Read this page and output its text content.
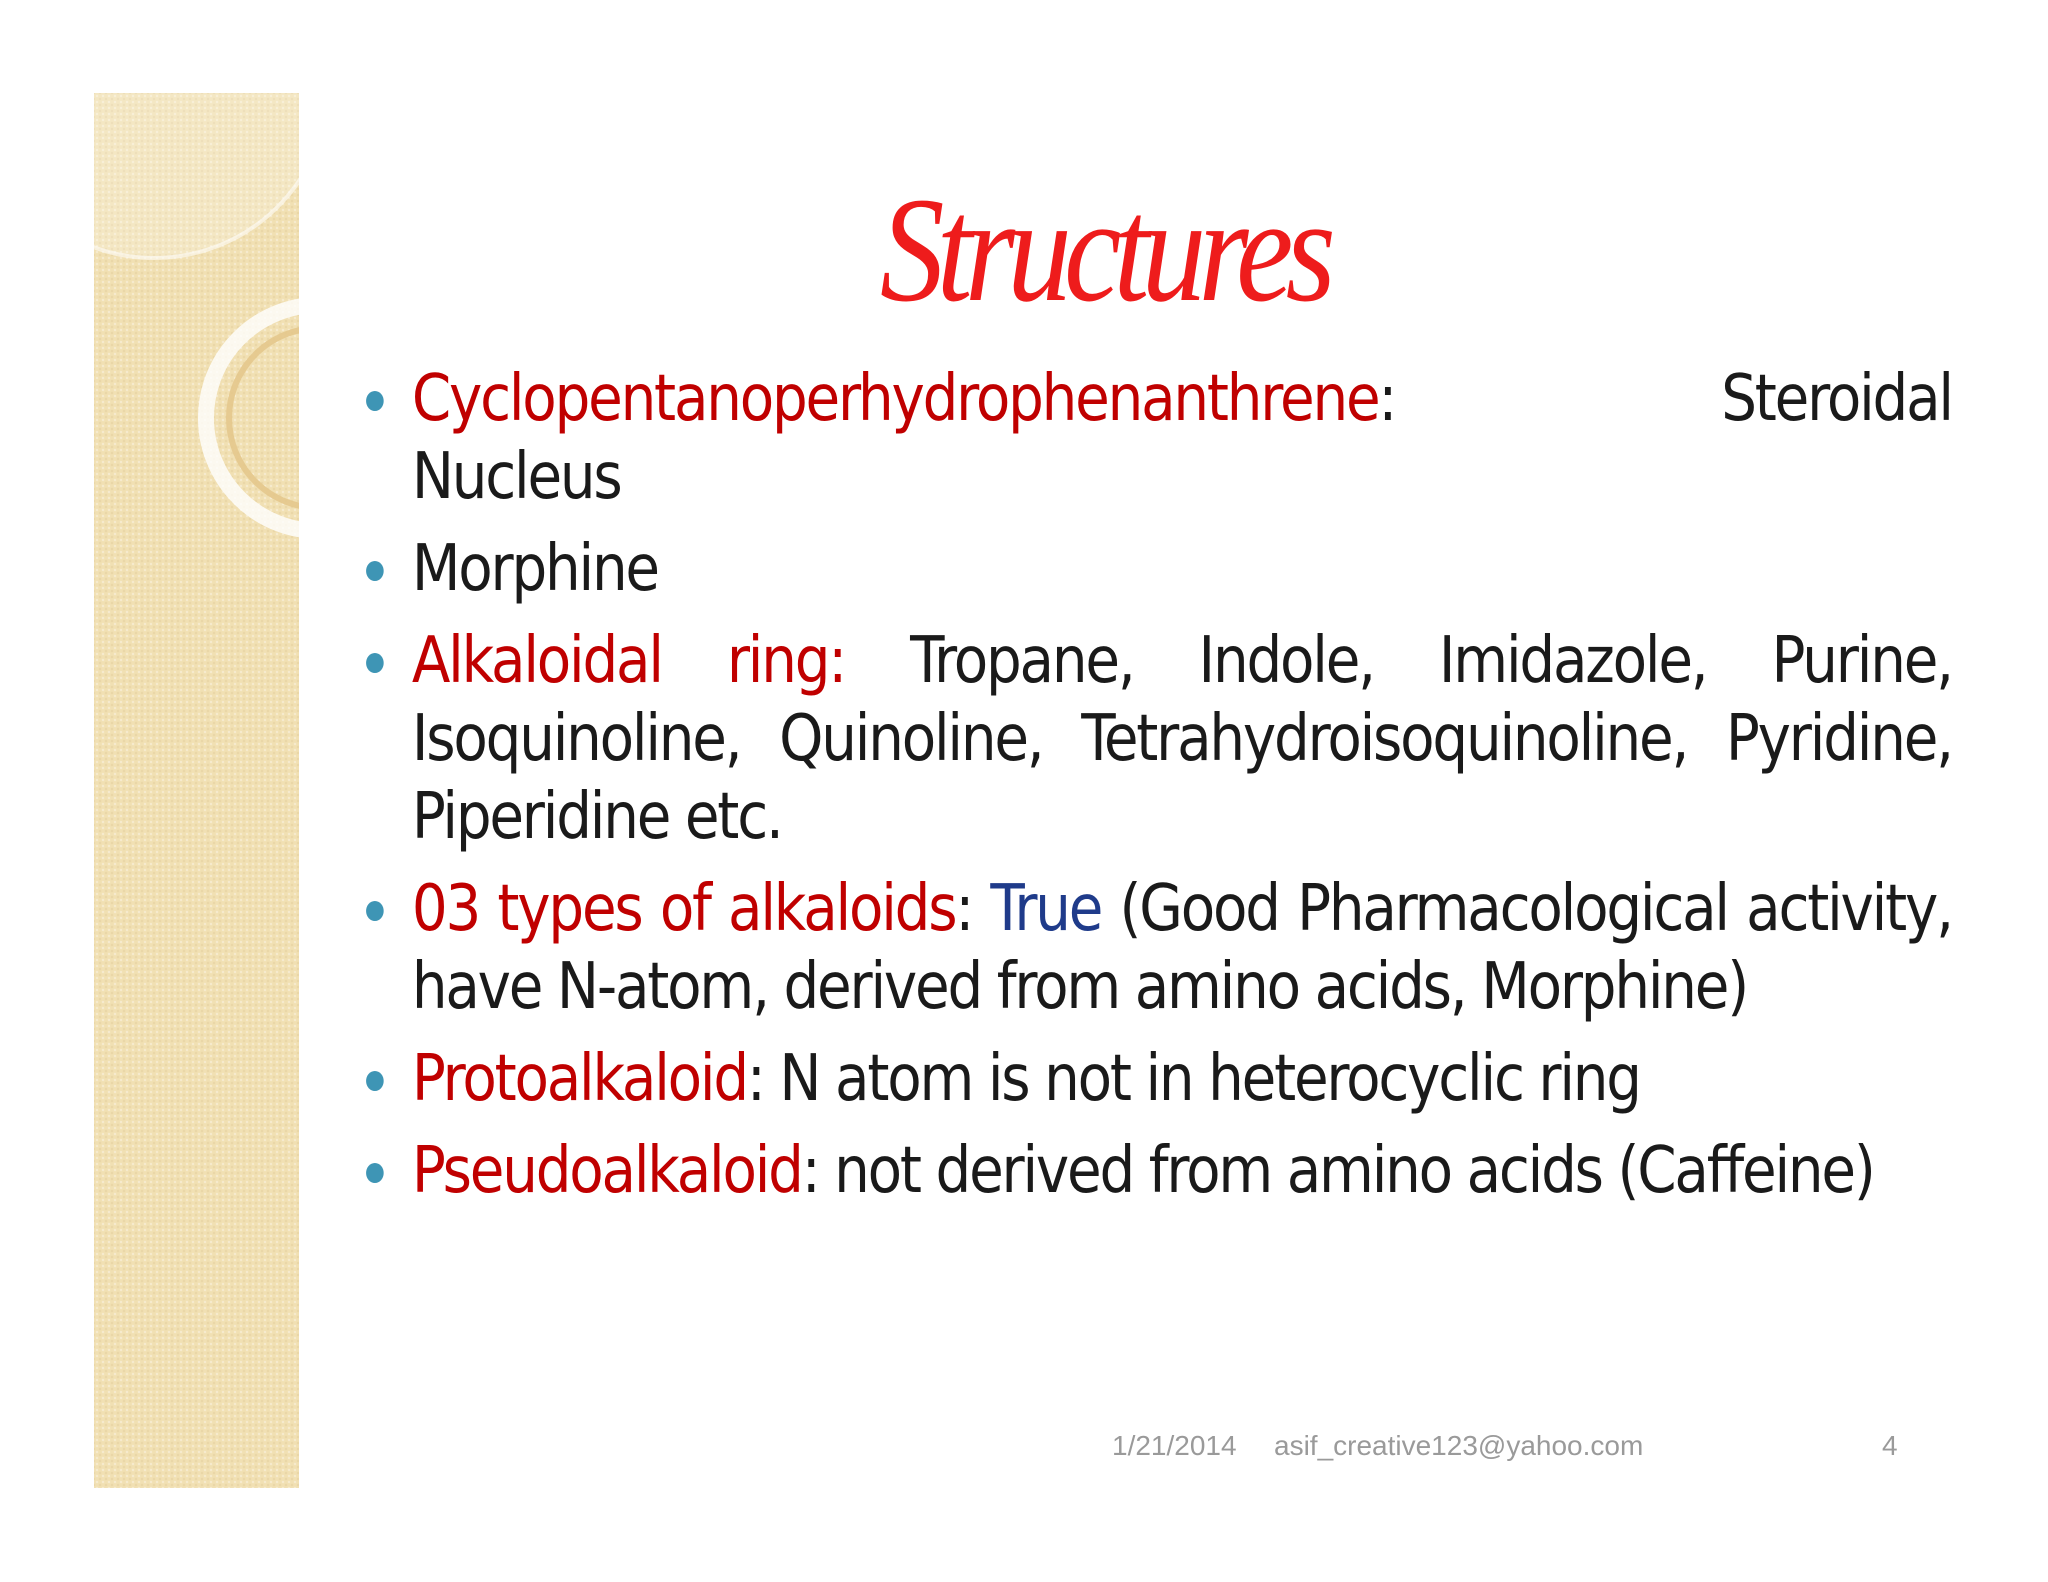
Structures
Cyclopentanoperhydrophenanthrene: Steroidal Nucleus
Morphine
Alkaloidal ring: Tropane, Indole, Imidazole, Purine, Isoquinoline, Quinoline, Tetrahydroisoquinoline, Pyridine, Piperidine etc.
03 types of alkaloids: True (Good Pharmacological activity, have N-atom, derived from amino acids, Morphine)
Protoalkaloid: N atom is not in heterocyclic ring
Pseudoalkaloid: not derived from amino acids (Caffeine)
1/21/2014 asif_creative123@yahoo.com	4
